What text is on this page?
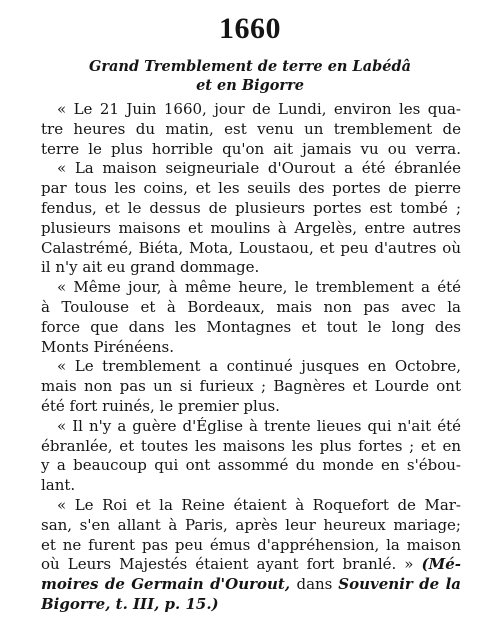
1660
Grand Tremblement de terre en Labédâ
et en Bigorre
« Le 21 Juin 1660, jour de Lundi, environ les qua-
tre heures du matin, est venu un tremblement de
terre le plus horrible qu'on ait jamais vu ou verra.
« La maison seigneuriale d'Ourout a été ébranlée
par tous les coins, et les seuils des portes de pierre
fendus, et le dessus de plusieurs portes est tombé ;
plusieurs maisons et moulins à Argelès, entre autres
Calastrémé, Biéta, Mota, Loustaou, et peu d'autres où
il n'y ait eu grand dommage.
« Même jour, à même heure, le tremblement a été
à Toulouse et à Bordeaux, mais non pas avec la
force que dans les Montagnes et tout le long des
Monts Pirénéens.
« Le tremblement a continué jusques en Octobre,
mais non pas un si furieux ; Bagnères et Lourde ont
été fort ruinés, le premier plus.
« Il n'y a guère d'Église à trente lieues qui n'ait été
ébranlée, et toutes les maisons les plus fortes ; et en
y a beaucoup qui ont assommé du monde en s'ébou-
lant.
« Le Roi et la Reine étaient à Roquefort de Mar-
san, s'en allant à Paris, après leur heureux mariage;
et ne furent pas peu émus d'appréhension, la maison
où Leurs Majestés étaient ayant fort branlé. » (Mé-
moires de Germain d'Ourout, dans Souvenir de la
Bigorre, t. III, p. 15.)
